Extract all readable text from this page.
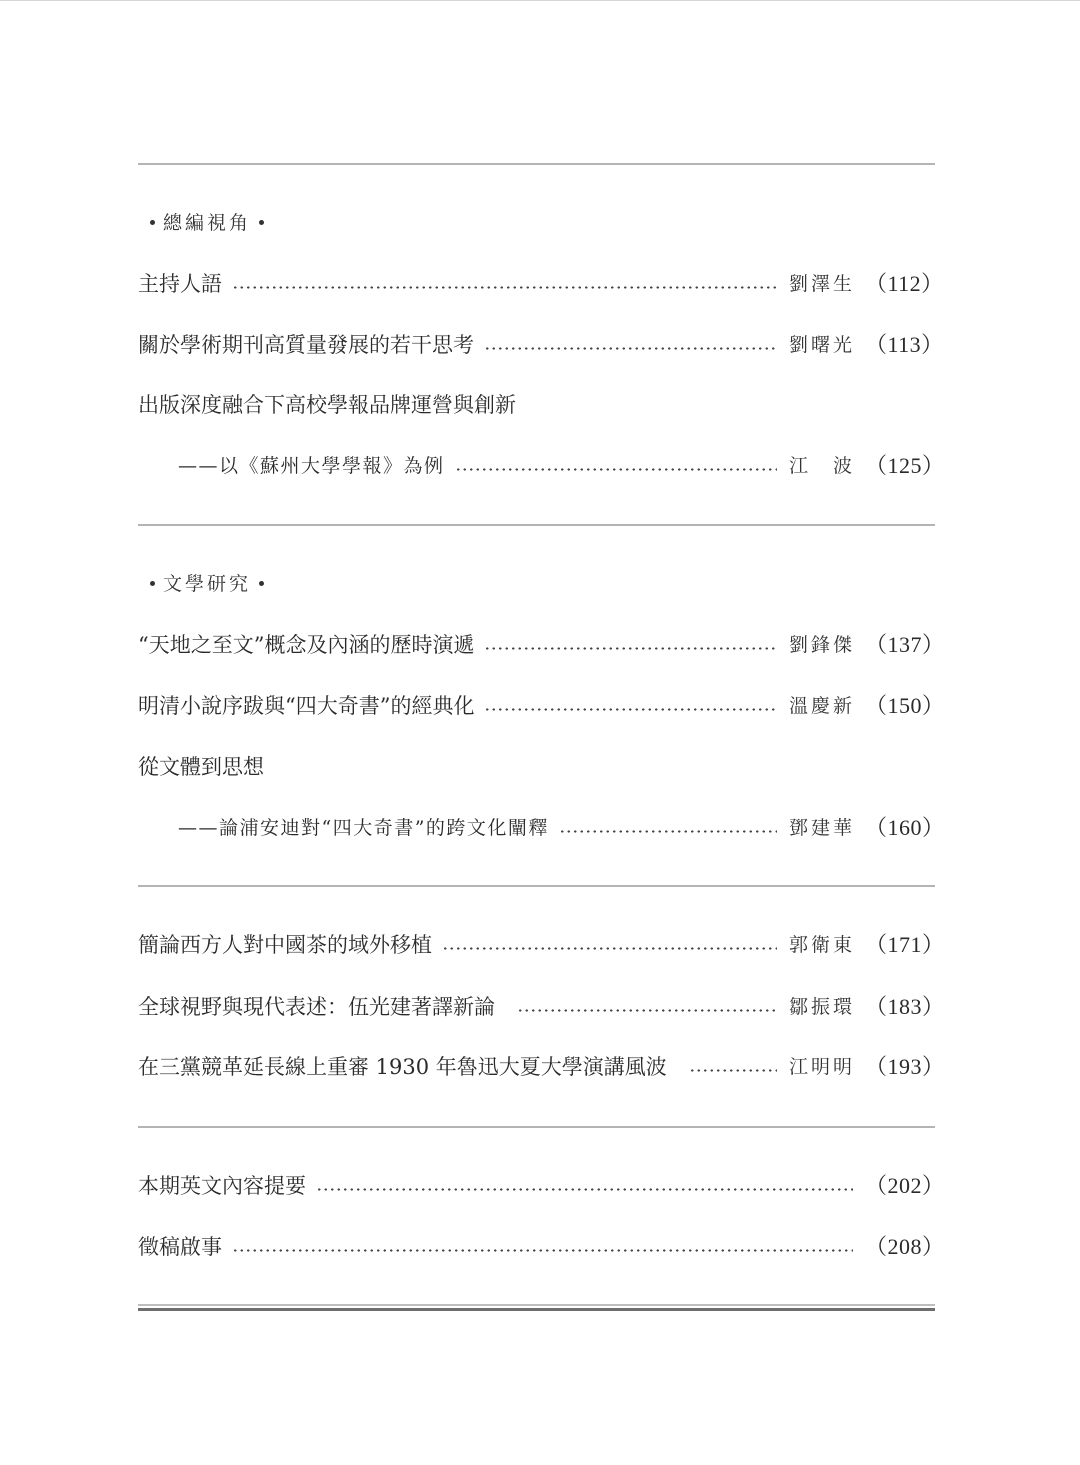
總編視角
主持人語	劉澤生 （112）
關於學術期刊高質量發展的若干思考	劉曙光 （113）
出版深度融合下高校學報品牌運營與創新
——以《蘇州大學學報》為例	江　波 （125）
文學研究
“天地之至文”概念及內涵的歷時演遞	劉鋒傑 （137）
明清小說序跋與“四大奇書”的經典化	溫慶新 （150）
從文體到思想
——論浦安迪對“四大奇書”的跨文化闡釋	鄧建華 （160）
簡論西方人對中國茶的域外移植	郭衛東 （171）
全球視野與現代表述：伍光建著譯新論	鄒振環 （183）
在三黨競革延長線上重審 1930 年魯迅大夏大學演講風波	江明明 （193）
本期英文內容提要	（202）
徵稿啟事	（208）
